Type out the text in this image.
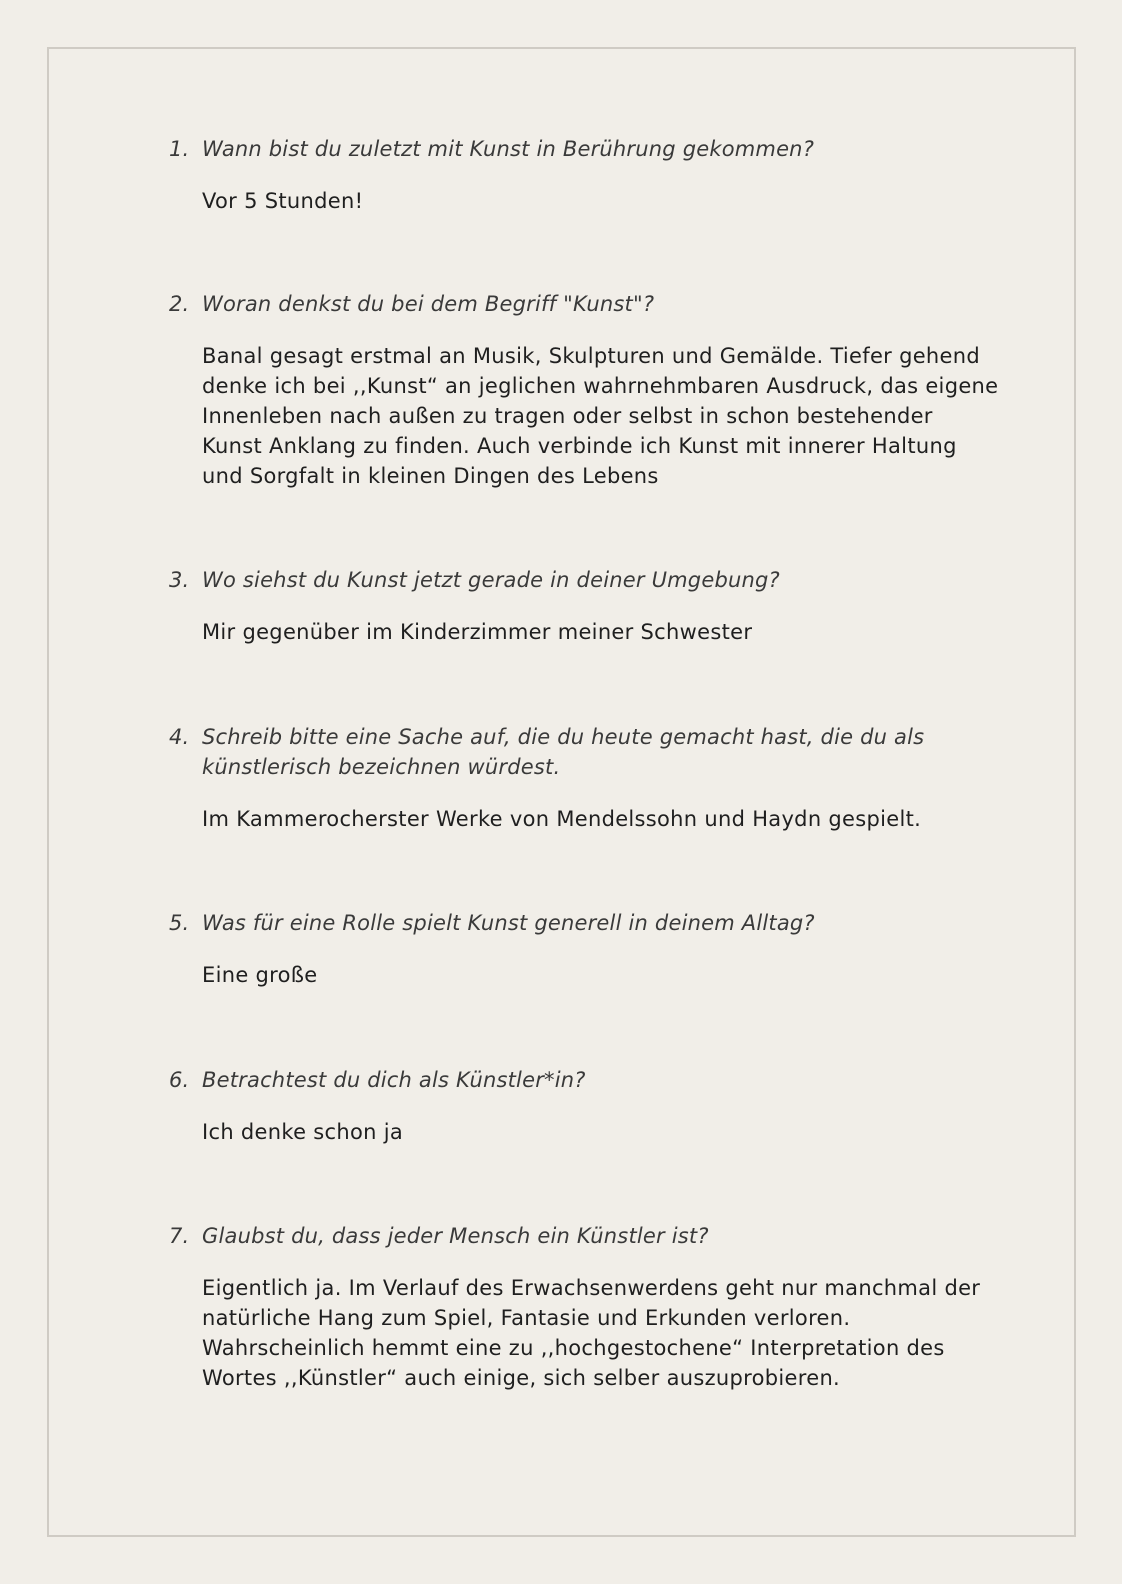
1. Wann bist du zuletzt mit Kunst in Berührung gekommen?
Vor 5 Stunden!
2. Woran denkst du bei dem Begriff "Kunst"?
Banal gesagt erstmal an Musik, Skulpturen und Gemälde. Tiefer gehend denke ich bei ,,Kunst“ an jeglichen wahrnehmbaren Ausdruck, das eigene Innenleben nach außen zu tragen oder selbst in schon bestehender Kunst Anklang zu finden. Auch verbinde ich Kunst mit innerer Haltung und Sorgfalt in kleinen Dingen des Lebens
3. Wo siehst du Kunst jetzt gerade in deiner Umgebung?
Mir gegenüber im Kinderzimmer meiner Schwester
4. Schreib bitte eine Sache auf, die du heute gemacht hast, die du als künstlerisch bezeichnen würdest.
Im Kammerocherster Werke von Mendelssohn und Haydn gespielt.
5. Was für eine Rolle spielt Kunst generell in deinem Alltag?
Eine große
6. Betrachtest du dich als Künstler*in?
Ich denke schon ja
7. Glaubst du, dass jeder Mensch ein Künstler ist?
Eigentlich ja. Im Verlauf des Erwachsenwerdens geht nur manchmal der natürliche Hang zum Spiel, Fantasie und Erkunden verloren. Wahrscheinlich hemmt eine zu ,,hochgestochene“ Interpretation des Wortes ,,Künstler“ auch einige, sich selber auszuprobieren.
